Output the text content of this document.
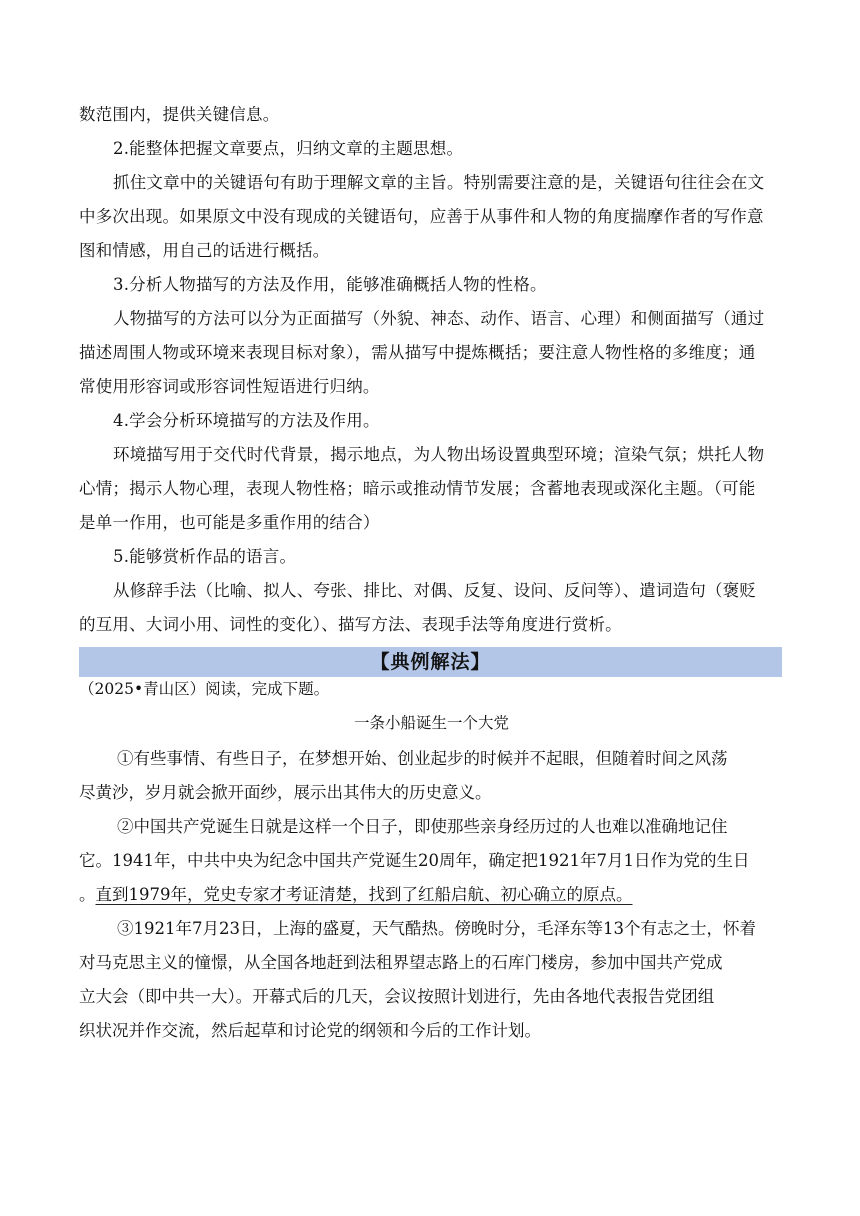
数范围内，提供关键信息。
2.能整体把握文章要点，归纳文章的主题思想。
抓住文章中的关键语句有助于理解文章的主旨。特别需要注意的是，关键语句往往会在文
中多次出现。如果原文中没有现成的关键语句，应善于从事件和人物的角度揣摩作者的写作意
图和情感，用自己的话进行概括。
3.分析人物描写的方法及作用，能够准确概括人物的性格。
人物描写的方法可以分为正面描写（外貌、神态、动作、语言、心理）和侧面描写（通过
描述周围人物或环境来表现目标对象），需从描写中提炼概括；要注意人物性格的多维度；通
常使用形容词或形容词性短语进行归纳。
4.学会分析环境描写的方法及作用。
环境描写用于交代时代背景，揭示地点，为人物出场设置典型环境；渲染气氛；烘托人物
心情；揭示人物心理，表现人物性格；暗示或推动情节发展；含蓄地表现或深化主题。（可能
是单一作用，也可能是多重作用的结合）
5.能够赏析作品的语言。
从修辞手法（比喻、拟人、夸张、排比、对偶、反复、设问、反问等）、遣词造句（褒贬
的互用、大词小用、词性的变化）、描写方法、表现手法等角度进行赏析。
【典例解法】
（2025•青山区）阅读，完成下题。
一条小船诞生一个大党
①有些事情、有些日子，在梦想开始、创业起步的时候并不起眼，但随着时间之风荡
尽黄沙，岁月就会掀开面纱，展示出其伟大的历史意义。
②中国共产党诞生日就是这样一个日子，即使那些亲身经历过的人也难以准确地记住
它。1941年，中共中央为纪念中国共产党诞生20周年，确定把1921年7月1日作为党的生日
。直到1979年，党史专家才考证清楚，找到了红船启航、初心确立的原点。
③1921年7月23日，上海的盛夏，天气酷热。傍晚时分，毛泽东等13个有志之士，怀着
对马克思主义的憧憬，从全国各地赶到法租界望志路上的石库门楼房，参加中国共产党成
立大会（即中共一大）。开幕式后的几天，会议按照计划进行，先由各地代表报告党团组
织状况并作交流，然后起草和讨论党的纲领和今后的工作计划。
